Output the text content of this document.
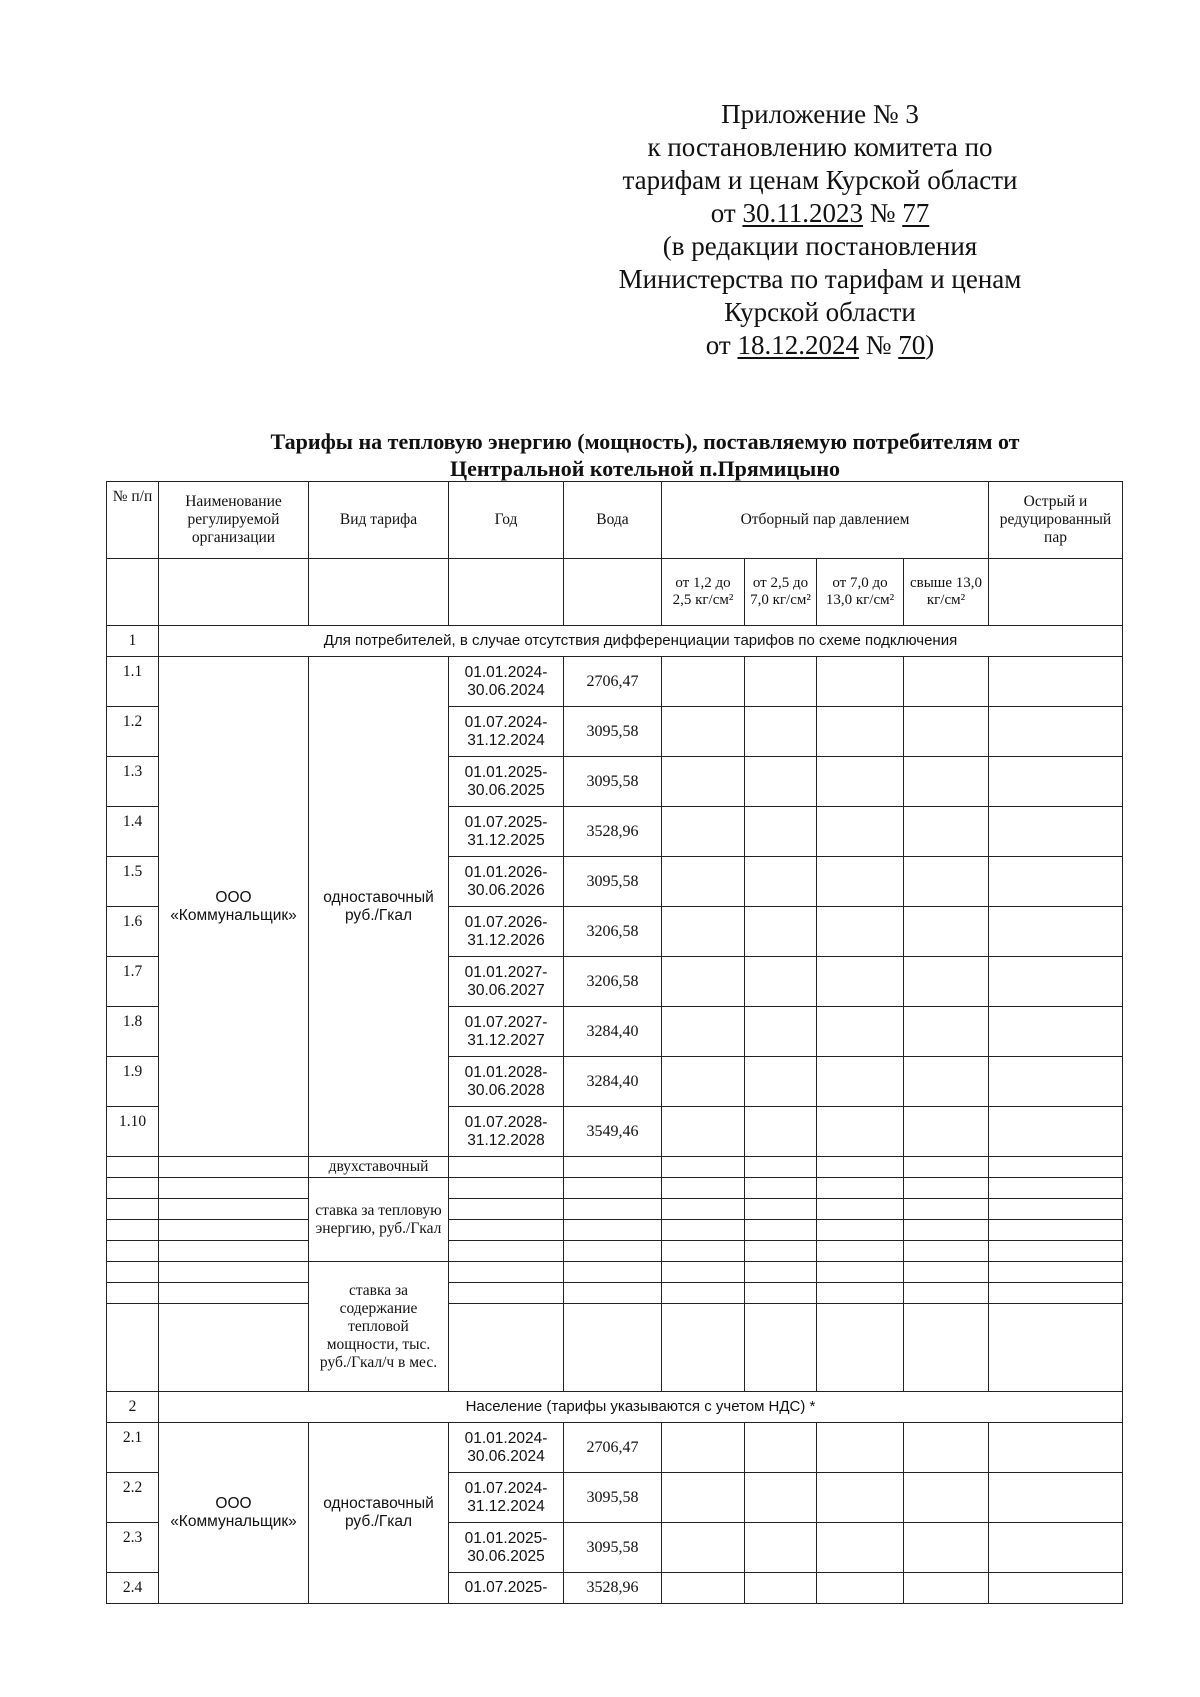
Приложение № 3
к постановлению комитета по
тарифам и ценам Курской области
от 30.11.2023 № 77
(в редакции постановления
Министерства по тарифам и ценам
Курской области
от 18.12.2024 № 70)
Тарифы на тепловую энергию (мощность), поставляемую потребителям от
Центральной котельной п.Прямицыно
№ п/п	Наименование регулируемой организации	Вид тарифа	Год	Вода	Отборный пар давлением				Острый и редуцированный пар
					от 1,2 до 2,5 кг/см²	от 2,5 до 7,0 кг/см²	от 7,0 до 13,0 кг/см²	свыше 13,0 кг/см²	
1	Для потребителей, в случае отсутствия дифференциации тарифов по схеме подключения								
1.1	ООО «Коммунальщик»	одноставочный руб./Гкал	01.01.2024-30.06.2024	2706,47					
1.2			01.07.2024-31.12.2024	3095,58					
1.3			01.01.2025-30.06.2025	3095,58					
1.4			01.07.2025-31.12.2025	3528,96					
1.5			01.01.2026-30.06.2026	3095,58					
1.6			01.07.2026-31.12.2026	3206,58					
1.7			01.01.2027-30.06.2027	3206,58					
1.8			01.07.2027-31.12.2027	3284,40					
1.9			01.01.2028-30.06.2028	3284,40					
1.10			01.07.2028-31.12.2028	3549,46					
		двухставочный							
		ставка за тепловую энергию, руб./Гкал							

		ставка за содержание тепловой мощности, тыс. руб./Гкал/ч в мес.							

2	Население (тарифы указываются с учетом НДС) *								
2.1	ООО «Коммунальщик»	одноставочный руб./Гкал	01.01.2024-30.06.2024	2706,47					
2.2			01.07.2024-31.12.2024	3095,58					
2.3			01.01.2025-30.06.2025	3095,58					
2.4			01.07.2025-	3528,96					
